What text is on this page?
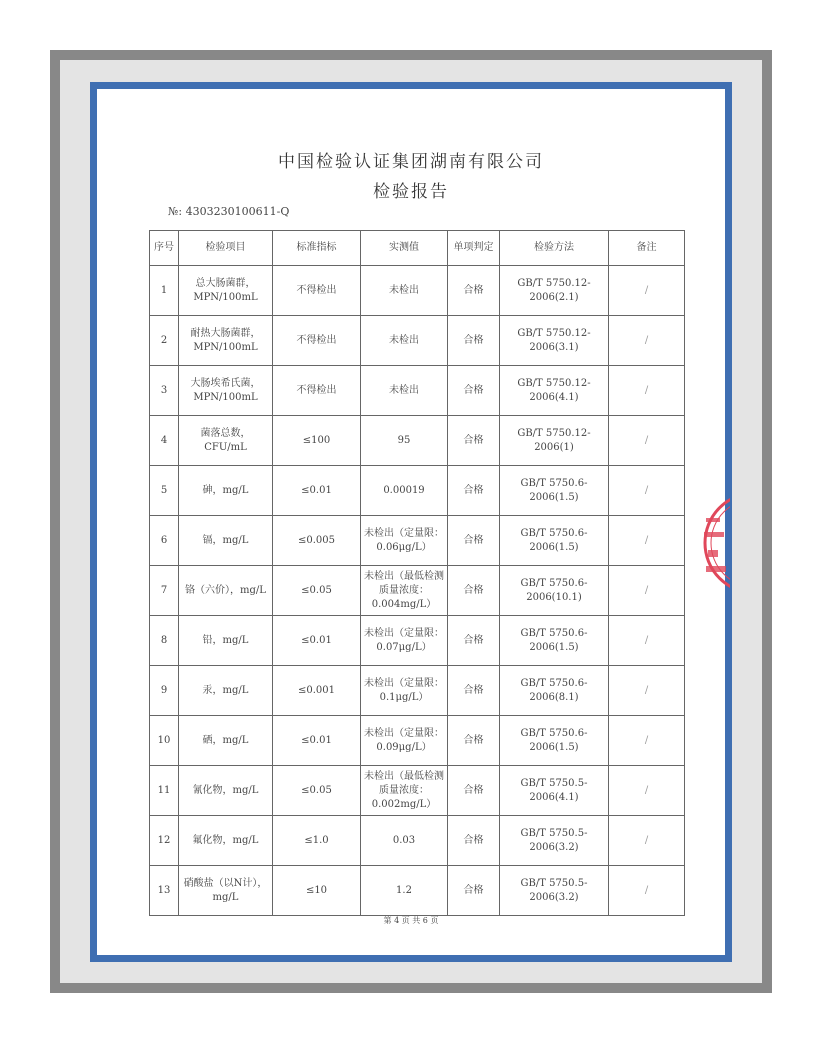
中国检验认证集团湖南有限公司
检验报告
№: 4303230100611-Q
序号	检验项目	标准指标	实测值	单项判定	检验方法	备注
1	总大肠菌群，MPN/100mL	不得检出	未检出	合格	GB/T 5750.12-2006(2.1)	/
2	耐热大肠菌群，MPN/100mL	不得检出	未检出	合格	GB/T 5750.12-2006(3.1)	/
3	大肠埃希氏菌，MPN/100mL	不得检出	未检出	合格	GB/T 5750.12-2006(4.1)	/
4	菌落总数，CFU/mL	≤100	95	合格	GB/T 5750.12-2006(1)	/
5	砷，mg/L	≤0.01	0.00019	合格	GB/T 5750.6-2006(1.5)	/
6	镉，mg/L	≤0.005	未检出（定量限：0.06μg/L）	合格	GB/T 5750.6-2006(1.5)	/
7	铬（六价），mg/L	≤0.05	未检出（最低检测质量浓度：0.004mg/L）	合格	GB/T 5750.6-2006(10.1)	/
8	铅，mg/L	≤0.01	未检出（定量限：0.07μg/L）	合格	GB/T 5750.6-2006(1.5)	/
9	汞，mg/L	≤0.001	未检出（定量限：0.1μg/L）	合格	GB/T 5750.6-2006(8.1)	/
10	硒，mg/L	≤0.01	未检出（定量限：0.09μg/L）	合格	GB/T 5750.6-2006(1.5)	/
11	氰化物，mg/L	≤0.05	未检出（最低检测质量浓度：0.002mg/L）	合格	GB/T 5750.5-2006(4.1)	/
12	氟化物，mg/L	≤1.0	0.03	合格	GB/T 5750.5-2006(3.2)	/
13	硝酸盐（以N计），mg/L	≤10	1.2	合格	GB/T 5750.5-2006(3.2)	/
第 4 页 共 6 页
